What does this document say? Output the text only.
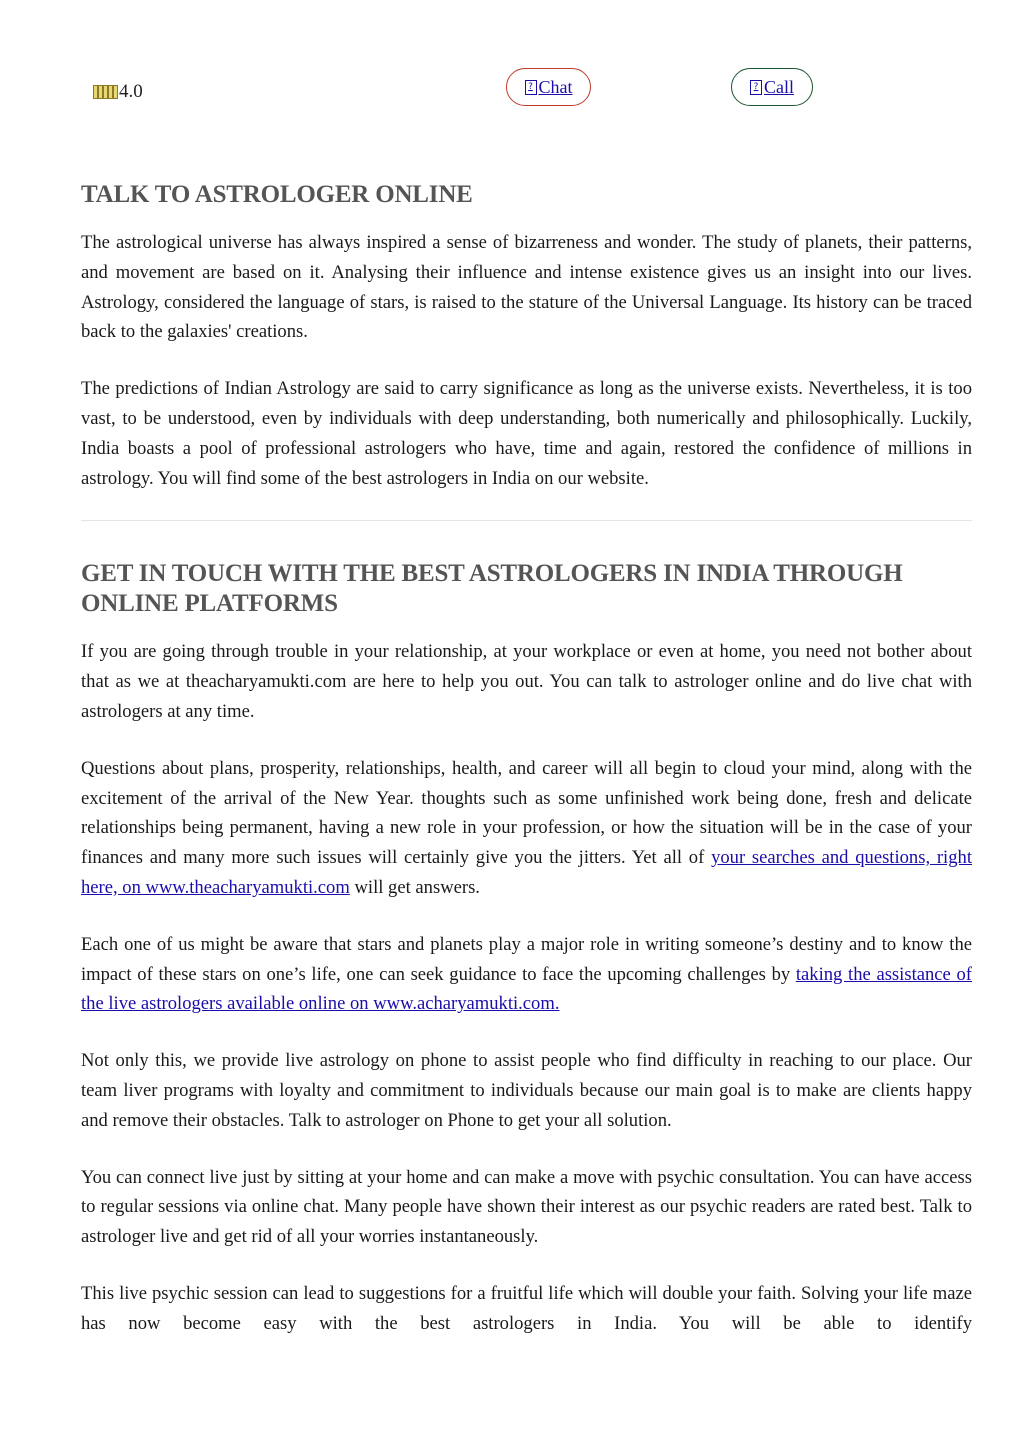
4.0	? Chat	? Call
TALK TO ASTROLOGER ONLINE

The astrological universe has always inspired a sense of bizarreness and wonder. The study of planets, their patterns, and movement are based on it. Analysing their influence and intense existence gives us an insight into our lives. Astrology, considered the language of stars, is raised to the stature of the Universal Language. Its history can be traced back to the galaxies' creations.

The predictions of Indian Astrology are said to carry significance as long as the universe exists. Nevertheless, it is too vast, to be understood, even by individuals with deep understanding, both numerically and philosophically. Luckily, India boasts a pool of professional astrologers who have, time and again, restored the confidence of millions in astrology. You will find some of the best astrologers in India on our website.

GET IN TOUCH WITH THE BEST ASTROLOGERS IN INDIA THROUGH ONLINE PLATFORMS

If you are going through trouble in your relationship, at your workplace or even at home, you need not bother about that as we at theacharyamukti.com are here to help you out. You can talk to astrologer online and do live chat with astrologers at any time.

Questions about plans, prosperity, relationships, health, and career will all begin to cloud your mind, along with the excitement of the arrival of the New Year. thoughts such as some unfinished work being done, fresh and delicate relationships being permanent, having a new role in your profession, or how the situation will be in the case of your finances and many more such issues will certainly give you the jitters. Yet all of your searches and questions, right here, on www.theacharyamukti.com will get answers.

Each one of us might be aware that stars and planets play a major role in writing someone’s destiny and to know the impact of these stars on one’s life, one can seek guidance to face the upcoming challenges by taking the assistance of the live astrologers available online on www.acharyamukti.com.

Not only this, we provide live astrology on phone to assist people who find difficulty in reaching to our place. Our team liver programs with loyalty and commitment to individuals because our main goal is to make are clients happy and remove their obstacles. Talk to astrologer on Phone to get your all solution.

You can connect live just by sitting at your home and can make a move with psychic consultation. You can have access to regular sessions via online chat. Many people have shown their interest as our psychic readers are rated best. Talk to astrologer live and get rid of all your worries instantaneously.

This live psychic session can lead to suggestions for a fruitful life which will double your faith. Solving your life maze has now become easy with the best astrologers in India. You will be able to identify
